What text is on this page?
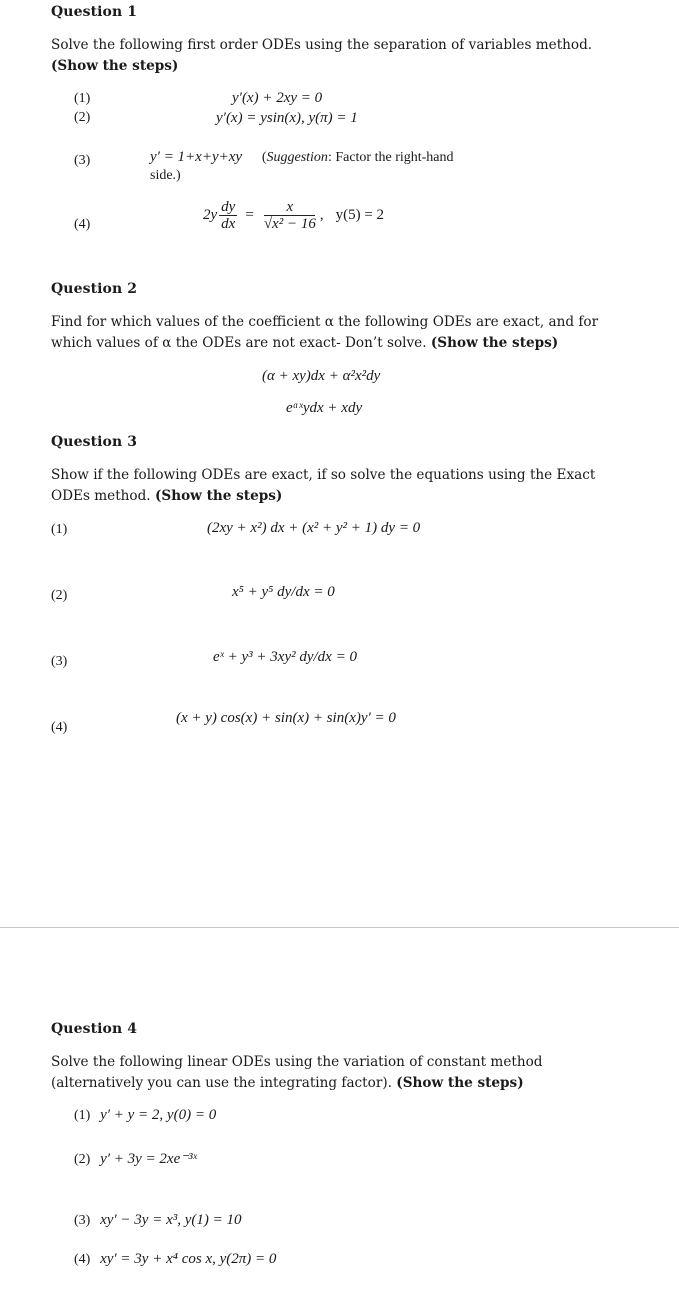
Question 1
Solve the following first order ODEs using the separation of variables method. (Show the steps)
(1)	y′(x) + 2xy = 0
(2)	y′(x) = ysin(x), y(π) = 1
(3)	y′ = 1+x+y+xy (Suggestion: Factor the right-hand
side.)
(4)
$2y \frac{dy}{dx} = \frac{x}{\text{√x² − 16}}$ , y(5) = 2
Question 2
Find for which values of the coefficient α the following ODEs are exact, and for which values of α the ODEs are not exact- Don’t solve. (Show the steps)
(α + xy)dx + α²x²dy
eᵅˣydx + xdy
Question 3
Show if the following ODEs are exact, if so solve the equations using the Exact ODEs method. (Show the steps)
(1)	(2xy + x²) dx + (x² + y² + 1) dy = 0
(2)	x⁵ + y⁵ dy/dx = 0
(3)	eˣ + y³ + 3xy² dy/dx = 0
(4)
(x + y) cos(x) + sin(x) + sin(x)y′ = 0
Question 4
Solve the following linear ODEs using the variation of constant method (alternatively you can use the integrating factor). (Show the steps)
(1) y′ + y = 2, y(0) = 0
(2) y′ + 3y = 2xe⁻³ˣ
(3) xy′ − 3y = x³, y(1) = 10
(4) xy′ = 3y + x⁴ cos x, y(2π) = 0
